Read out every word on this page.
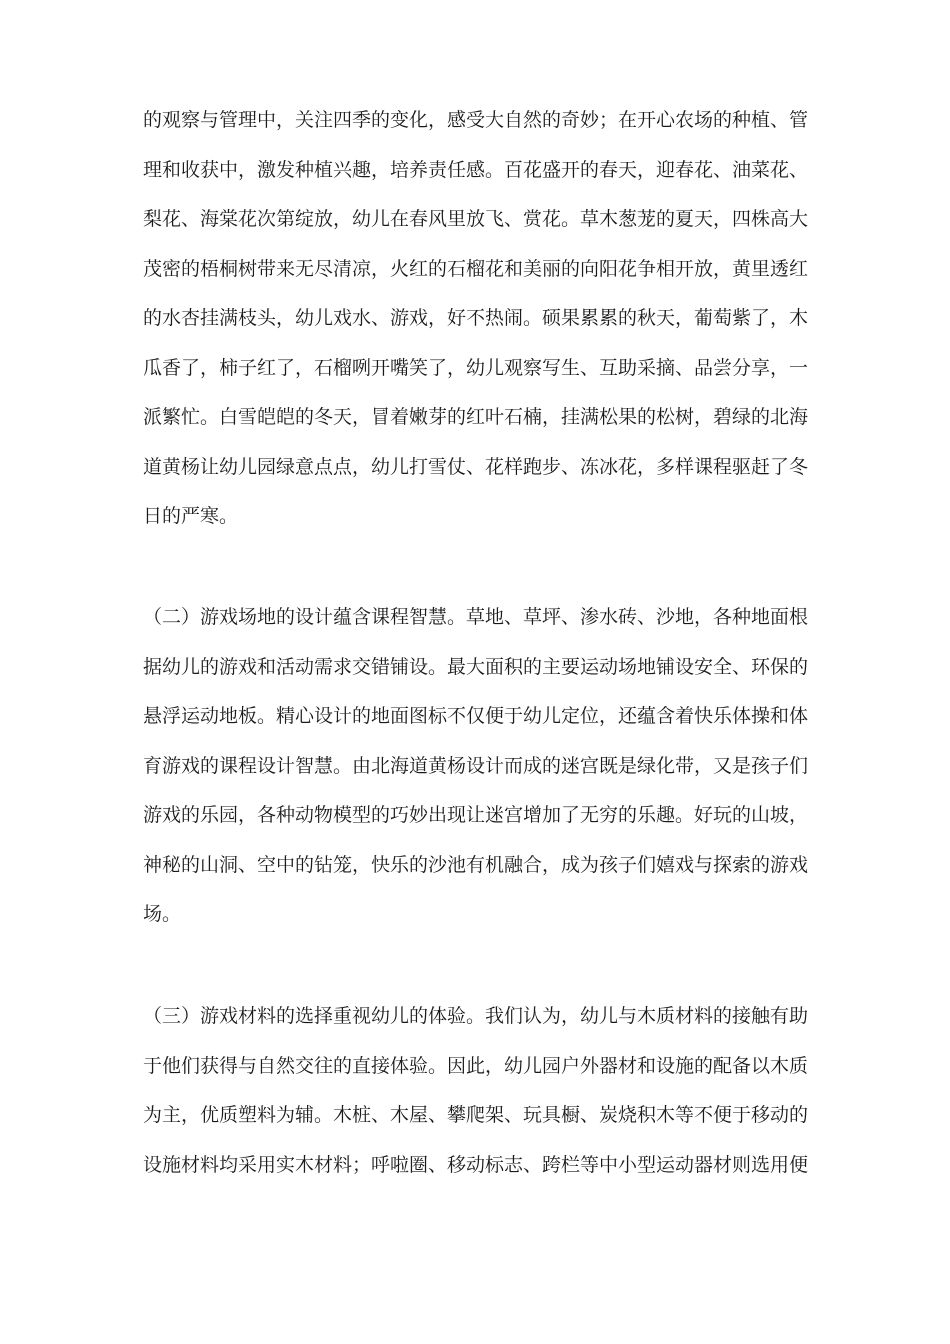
的观察与管理中，关注四季的变化，感受大自然的奇妙；在开心农场的种植、管
理和收获中，激发种植兴趣，培养责任感。百花盛开的春天，迎春花、油菜花、
梨花、海棠花次第绽放，幼儿在春风里放飞、赏花。草木葱茏的夏天，四株高大
茂密的梧桐树带来无尽清凉，火红的石榴花和美丽的向阳花争相开放，黄里透红
的水杏挂满枝头，幼儿戏水、游戏，好不热闹。硕果累累的秋天，葡萄紫了，木
瓜香了，柿子红了，石榴咧开嘴笑了，幼儿观察写生、互助采摘、品尝分享，一
派繁忙。白雪皑皑的冬天，冒着嫩芽的红叶石楠，挂满松果的松树，碧绿的北海
道黄杨让幼儿园绿意点点，幼儿打雪仗、花样跑步、冻冰花，多样课程驱赶了冬
日的严寒。
（二）游戏场地的设计蕴含课程智慧。草地、草坪、渗水砖、沙地，各种地面根
据幼儿的游戏和活动需求交错铺设。最大面积的主要运动场地铺设安全、环保的
悬浮运动地板。精心设计的地面图标不仅便于幼儿定位，还蕴含着快乐体操和体
育游戏的课程设计智慧。由北海道黄杨设计而成的迷宫既是绿化带，又是孩子们
游戏的乐园，各种动物模型的巧妙出现让迷宫增加了无穷的乐趣。好玩的山坡，
神秘的山洞、空中的钻笼，快乐的沙池有机融合，成为孩子们嬉戏与探索的游戏
场。
（三）游戏材料的选择重视幼儿的体验。我们认为，幼儿与木质材料的接触有助
于他们获得与自然交往的直接体验。因此，幼儿园户外器材和设施的配备以木质
为主，优质塑料为辅。木桩、木屋、攀爬架、玩具橱、炭烧积木等不便于移动的
设施材料均采用实木材料；呼啦圈、移动标志、跨栏等中小型运动器材则选用便
